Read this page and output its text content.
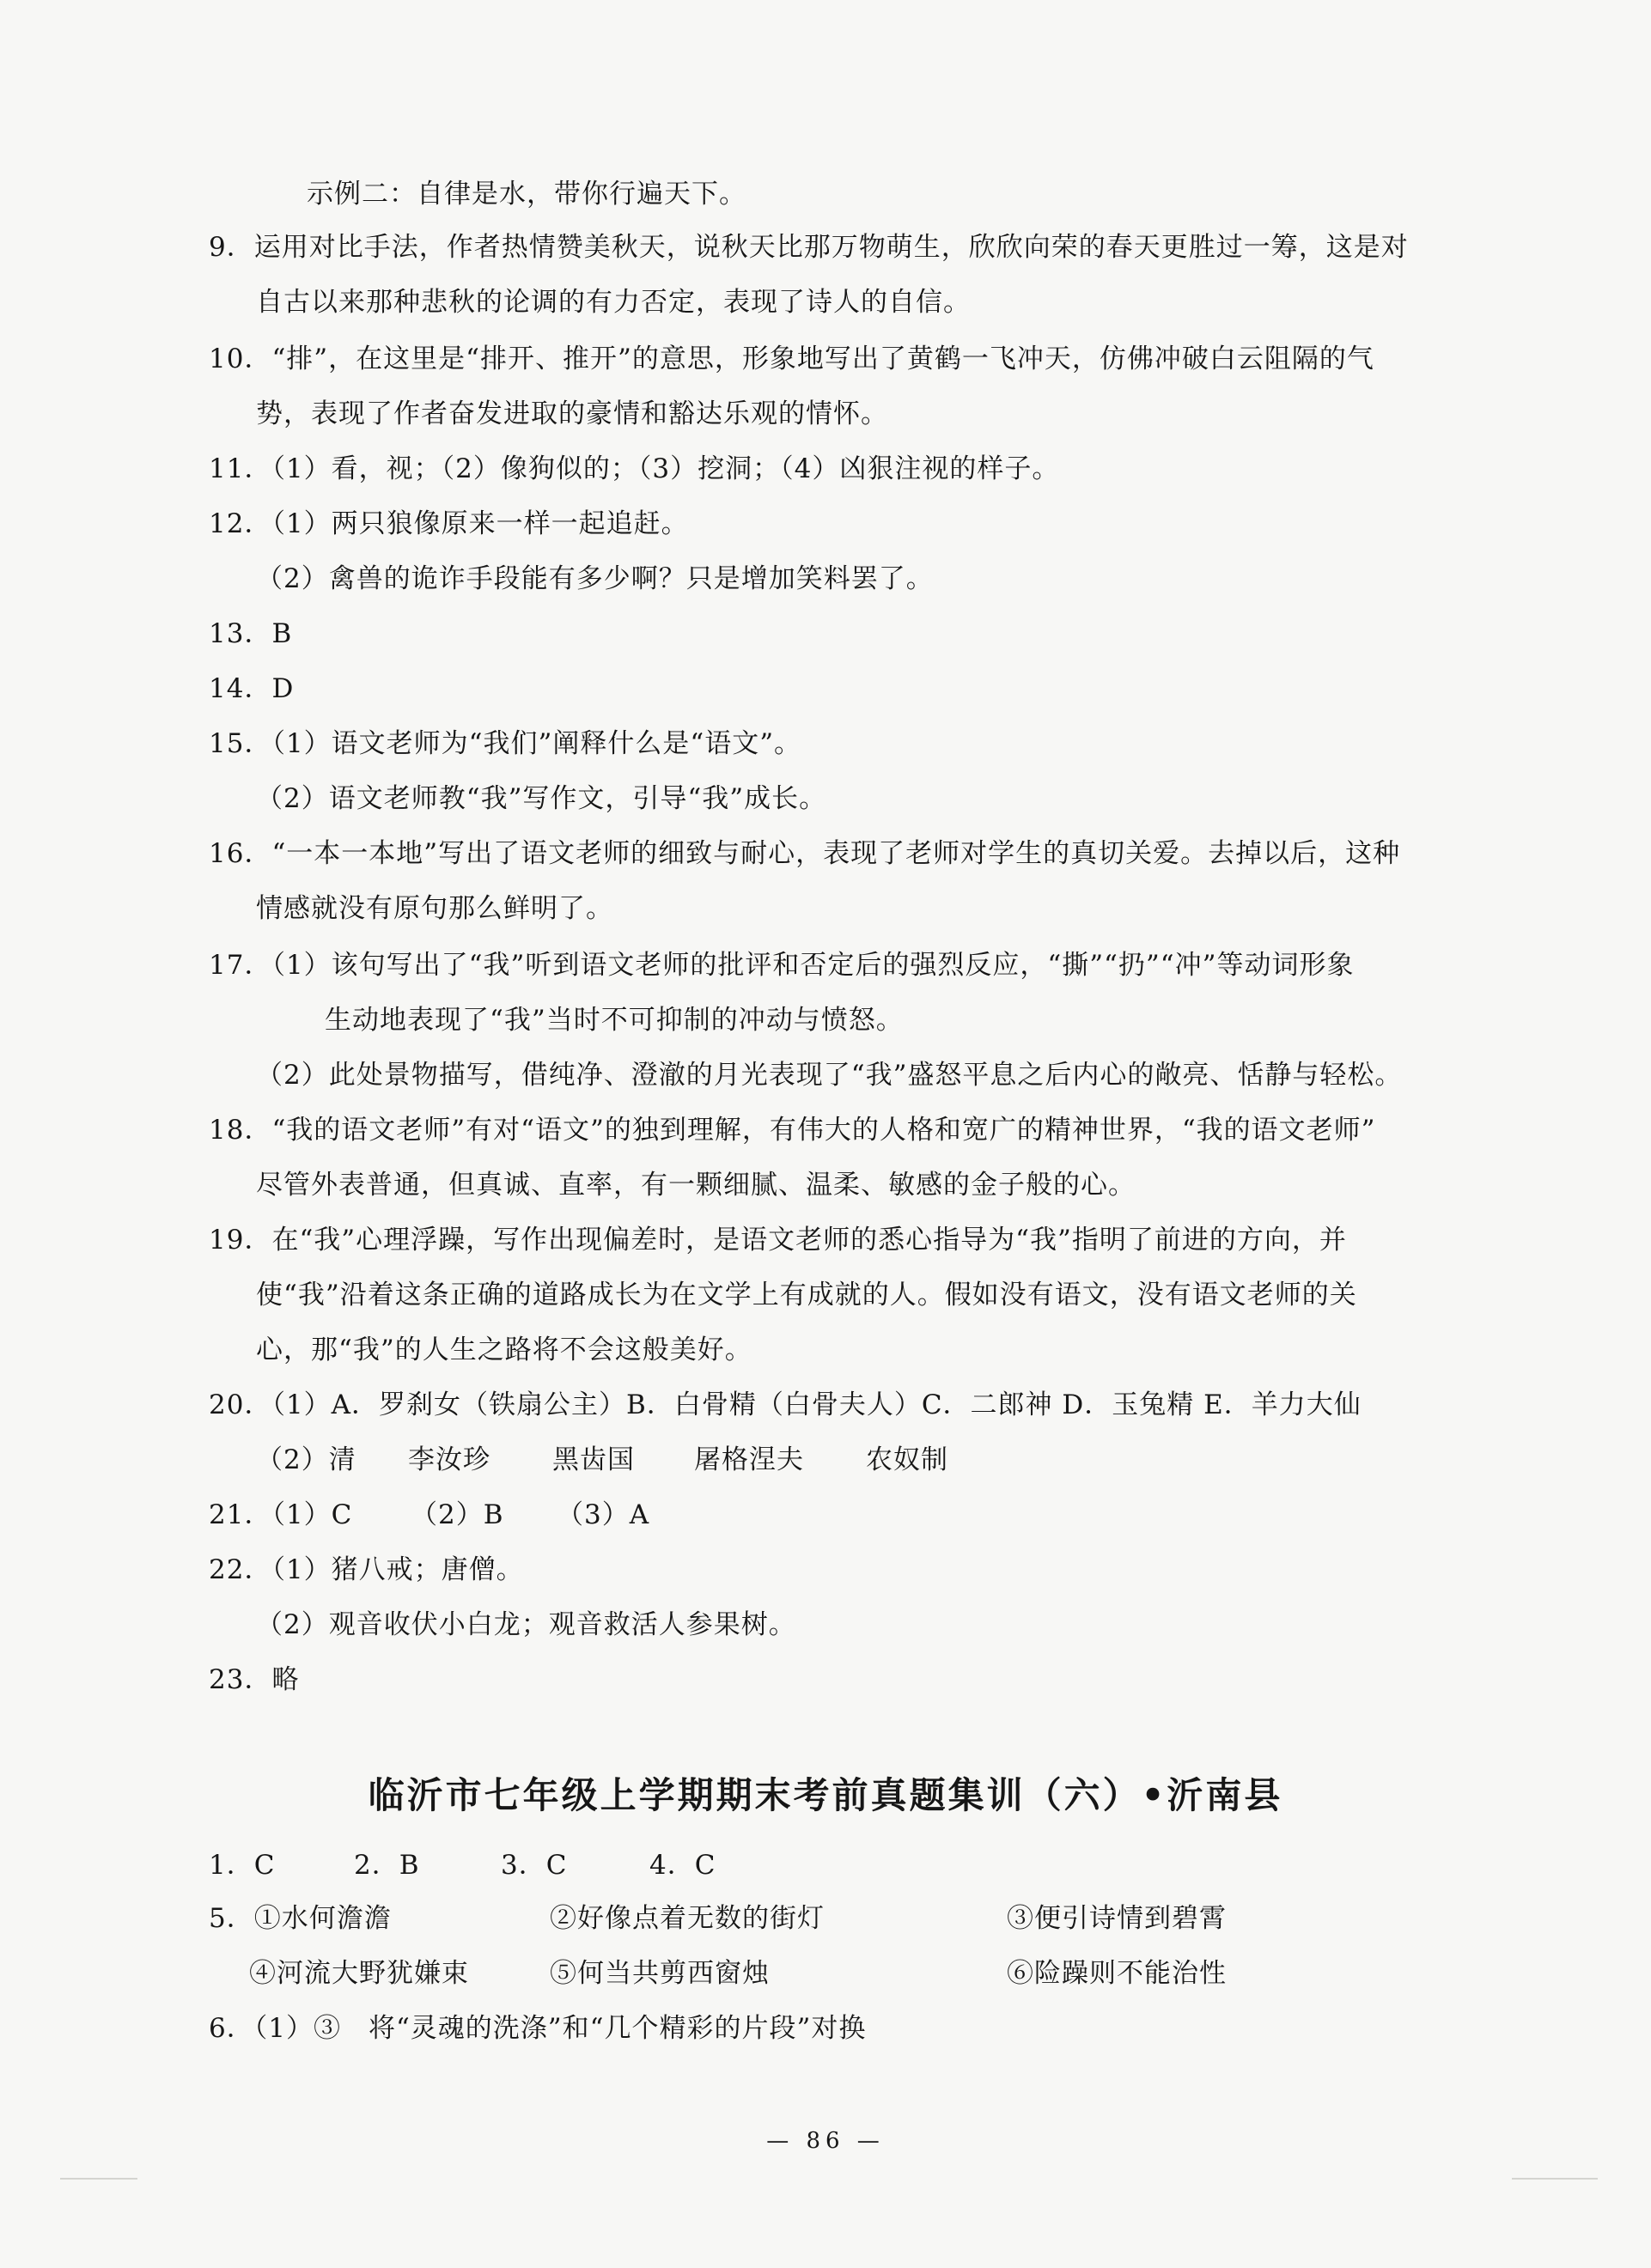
示例二：自律是水，带你行遍天下。
9．运用对比手法，作者热情赞美秋天，说秋天比那万物萌生，欣欣向荣的春天更胜过一筹，这是对
自古以来那种悲秋的论调的有力否定，表现了诗人的自信。
10．“排”，在这里是“排开、推开”的意思，形象地写出了黄鹤一飞冲天，仿佛冲破白云阻隔的气
势，表现了作者奋发进取的豪情和豁达乐观的情怀。
11．（1）看，视；（2）像狗似的；（3）挖洞；（4）凶狠注视的样子。
12．（1）两只狼像原来一样一起追赶。
（2）禽兽的诡诈手段能有多少啊？只是增加笑料罢了。
13．B
14．D
15．（1）语文老师为“我们”阐释什么是“语文”。
（2）语文老师教“我”写作文，引导“我”成长。
16．“一本一本地”写出了语文老师的细致与耐心，表现了老师对学生的真切关爱。去掉以后，这种
情感就没有原句那么鲜明了。
17．（1）该句写出了“我”听到语文老师的批评和否定后的强烈反应，“撕”“扔”“冲”等动词形象
生动地表现了“我”当时不可抑制的冲动与愤怒。
（2）此处景物描写，借纯净、澄澈的月光表现了“我”盛怒平息之后内心的敞亮、恬静与轻松。
18．“我的语文老师”有对“语文”的独到理解，有伟大的人格和宽广的精神世界，“我的语文老师”
尽管外表普通，但真诚、直率，有一颗细腻、温柔、敏感的金子般的心。
19．在“我”心理浮躁，写作出现偏差时，是语文老师的悉心指导为“我”指明了前进的方向，并
使“我”沿着这条正确的道路成长为在文学上有成就的人。假如没有语文，没有语文老师的关
心，那“我”的人生之路将不会这般美好。
20．（1）A．罗刹女（铁扇公主）B．白骨精（白骨夫人）C．二郎神 D．玉兔精 E．羊力大仙
（2）清 李汝珍 黑齿国 屠格涅夫 农奴制
21．（1）C （2）B （3）A
22．（1）猪八戒；唐僧。
（2）观音收伏小白龙；观音救活人参果树。
23．略
临沂市七年级上学期期末考前真题集训（六）•沂南县
1．C	2．B	3．C	4．C
5．①水何澹澹	②好像点着无数的街灯	③便引诗情到碧霄
④河流大野犹嫌束	⑤何当共剪西窗烛	⑥险躁则不能治性
6．（1）③　将“灵魂的洗涤”和“几个精彩的片段”对换
— 86 —
